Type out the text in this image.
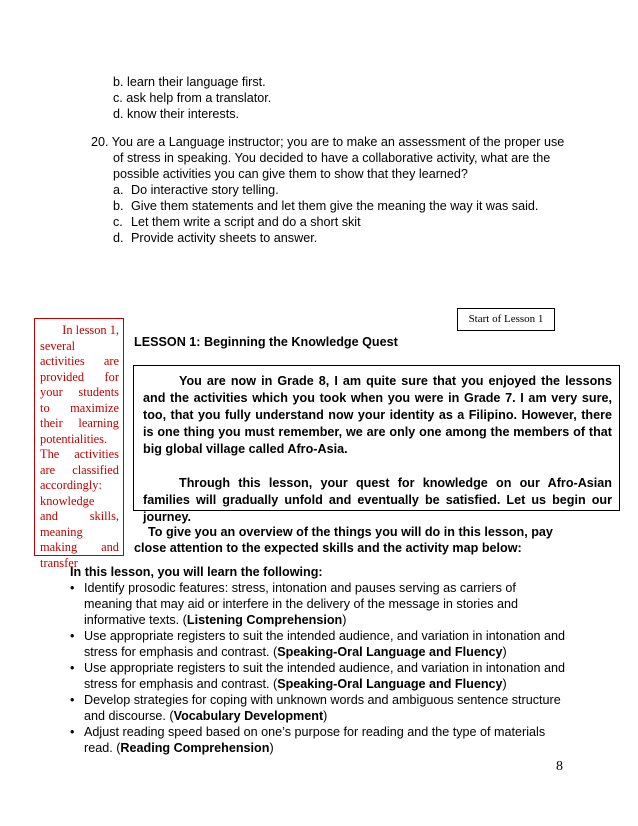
b. learn their language first.
c. ask help from a translator.
d. know their interests.
20. You are a Language instructor; you are to make an assessment of the proper use
of stress in speaking. You decided to have a collaborative activity, what are the
possible activities you can give them to show that they learned?
a. Do interactive story telling.
b. Give them statements and let them give the meaning the way it was said.
c. Let them write a script and do a short skit
d. Provide activity sheets to answer.
Start of Lesson 1
In lesson 1,
several
activities are
provided for
your students
to maximize
their learning
potentialities.
The activities
are classified
accordingly:
knowledge
and skills,
meaning
making and
transfer
LESSON 1: Beginning the Knowledge Quest
You are now in Grade 8, I am quite sure that you enjoyed the lessons
and the activities which you took when you were in Grade 7. I am very sure,
too, that you fully understand now your identity as a Filipino. However, there
is one thing you must remember, we are only one among the members of that
big global village called Afro-Asia.
Through this lesson, your quest for knowledge on our Afro-Asian
families will gradually unfold and eventually be satisfied. Let us begin our
journey.
To give you an overview of the things you will do in this lesson, pay
close attention to the expected skills and the activity map below:
In this lesson, you will learn the following:
• Identify prosodic features: stress, intonation and pauses serving as carriers of
meaning that may aid or interfere in the delivery of the message in stories and
informative texts. (Listening Comprehension)
• Use appropriate registers to suit the intended audience, and variation in intonation and
stress for emphasis and contrast. (Speaking-Oral Language and Fluency)
• Use appropriate registers to suit the intended audience, and variation in intonation and
stress for emphasis and contrast. (Speaking-Oral Language and Fluency)
• Develop strategies for coping with unknown words and ambiguous sentence structure
and discourse. (Vocabulary Development)
• Adjust reading speed based on one’s purpose for reading and the type of materials
read. (Reading Comprehension)
8
